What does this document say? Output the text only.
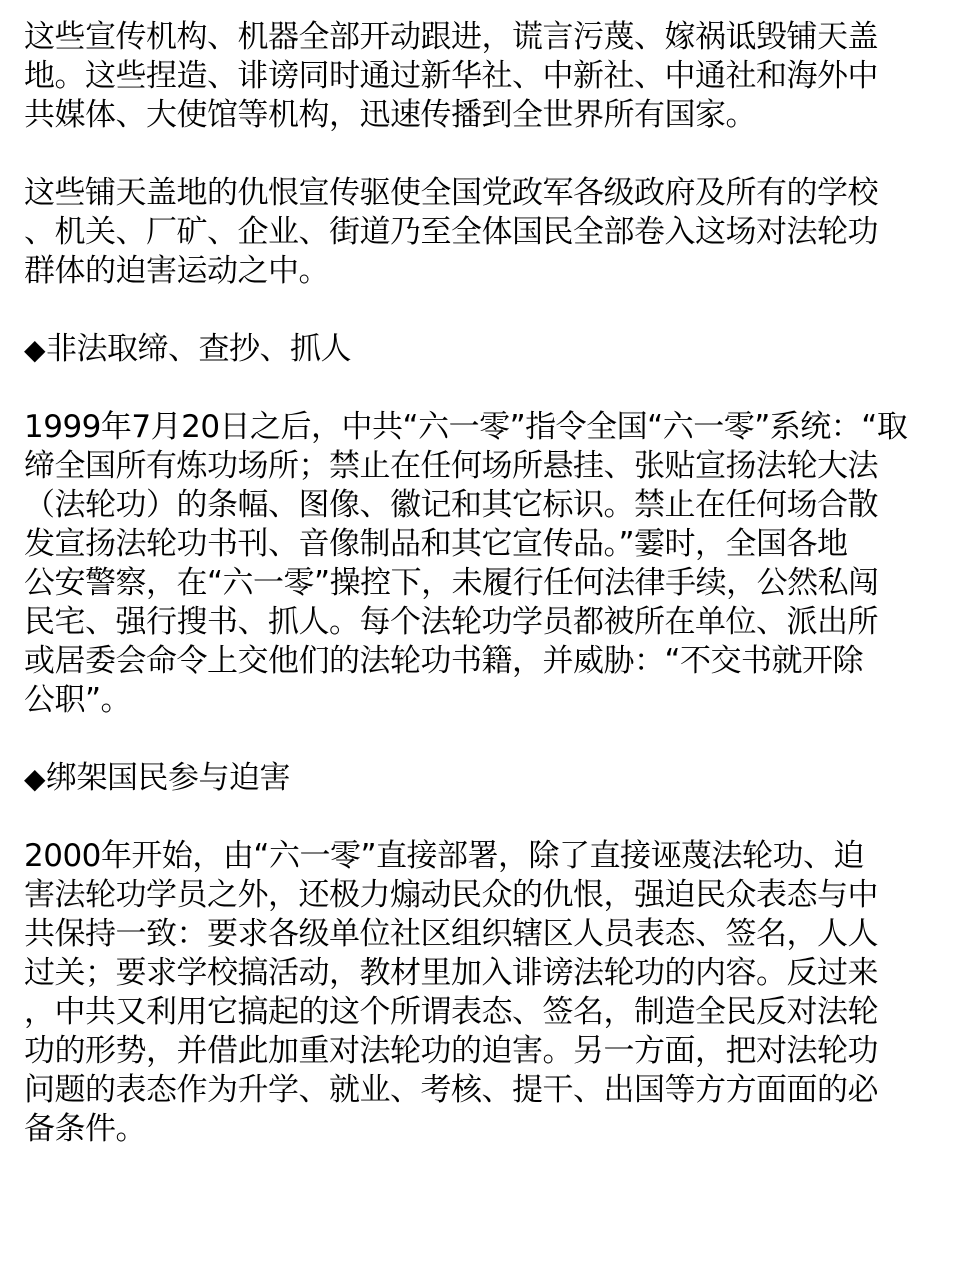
这些宣传机构、机器全部开动跟进，谎言污蔑、嫁祸诋毁铺天盖
地。这些捏造、诽谤同时通过新华社、中新社、中通社和海外中
共媒体、大使馆等机构，迅速传播到全世界所有国家。
这些铺天盖地的仇恨宣传驱使全国党政军各级政府及所有的学校
、机关、厂矿、企业、街道乃至全体国民全部卷入这场对法轮功
群体的迫害运动之中。
◆非法取缔、查抄、抓人
1999年7月20日之后，中共“六一零”指令全国“六一零”系统：“取
缔全国所有炼功场所；禁止在任何场所悬挂、张贴宣扬法轮大法
（法轮功）的条幅、图像、徽记和其它标识。禁止在任何场合散
发宣扬法轮功书刊、音像制品和其它宣传品。”霎时，全国各地
公安警察，在“六一零”操控下，未履行任何法律手续，公然私闯
民宅、强行搜书、抓人。每个法轮功学员都被所在单位、派出所
或居委会命令上交他们的法轮功书籍，并威胁：“不交书就开除
公职”。
◆绑架国民参与迫害
2000年开始，由“六一零”直接部署，除了直接诬蔑法轮功、迫
害法轮功学员之外，还极力煽动民众的仇恨，强迫民众表态与中
共保持一致：要求各级单位社区组织辖区人员表态、签名，人人
过关；要求学校搞活动，教材里加入诽谤法轮功的内容。反过来
，中共又利用它搞起的这个所谓表态、签名，制造全民反对法轮
功的形势，并借此加重对法轮功的迫害。另一方面，把对法轮功
问题的表态作为升学、就业、考核、提干、出国等方方面面的必
备条件。
